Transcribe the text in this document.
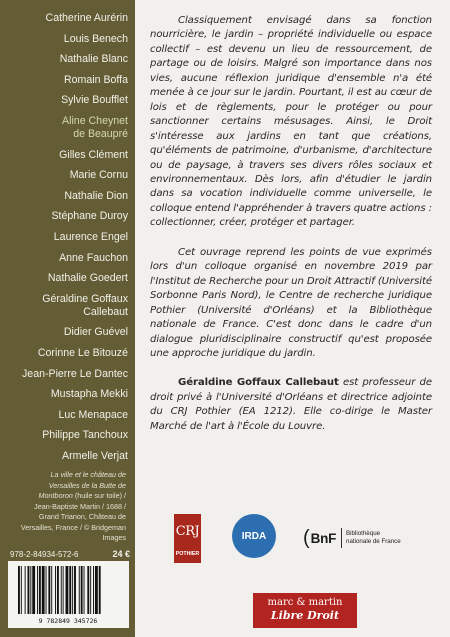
Catherine Aurérin
Louis Benech
Nathalie Blanc
Romain Boffa
Sylvie Boufflet
Aline Cheynet de Beaupré
Gilles Clément
Marie Cornu
Nathalie Dion
Stéphane Duroy
Laurence Engel
Anne Fauchon
Nathalie Goedert
Géraldine Goffaux Callebaut
Didier Guével
Corinne Le Bitouzé
Jean-Pierre Le Dantec
Mustapha Mekki
Luc Menapace
Philippe Tanchoux
Armelle Verjat
La ville et le château de Versailles de la Butte de Montboron (huile sur toile) / Jean-Baptiste Martin / 1688 / Grand Trianon, Château de Versailles, France / © Bridgeman Images
978-2-84934-572-6	24 €
9 782849 345726

Classiquement envisagé dans sa fonction nourricière, le jardin – propriété individuelle ou espace collectif – est devenu un lieu de ressourcement, de partage ou de loisirs. Malgré son importance dans nos vies, aucune réflexion juridique d'ensemble n'a été menée à ce jour sur le jardin. Pourtant, il est au cœur de lois et de règlements, pour le protéger ou pour sanctionner certains mésusages. Ainsi, le Droit s'intéresse aux jardins en tant que créations, qu'éléments de patrimoine, d'urbanisme, d'architecture ou de paysage, à travers ses divers rôles sociaux et environnementaux. Dès lors, afin d'étudier le jardin dans sa vocation individuelle comme universelle, le colloque entend l'appréhender à travers quatre actions : collectionner, créer, protéger et partager.

Cet ouvrage reprend les points de vue exprimés lors d'un colloque organisé en novembre 2019 par l'Institut de Recherche pour un Droit Attractif (Université Sorbonne Paris Nord), le Centre de recherche juridique Pothier (Université d'Orléans) et la Bibliothèque nationale de France. C'est donc dans le cadre d'un dialogue pluridisciplinaire constructif qu'est proposée une approche juridique du jardin.

Géraldine Goffaux Callebaut est professeur de droit privé à l'Université d'Orléans et directrice adjointe du CRJ Pothier (EA 1212). Elle co-dirige le Master Marché de l'art à l'École du Louvre.

CRJ
POTHIER
IRDA ( BnF Bibliothèque
nationale de France
marc & martin
Libre Droit
